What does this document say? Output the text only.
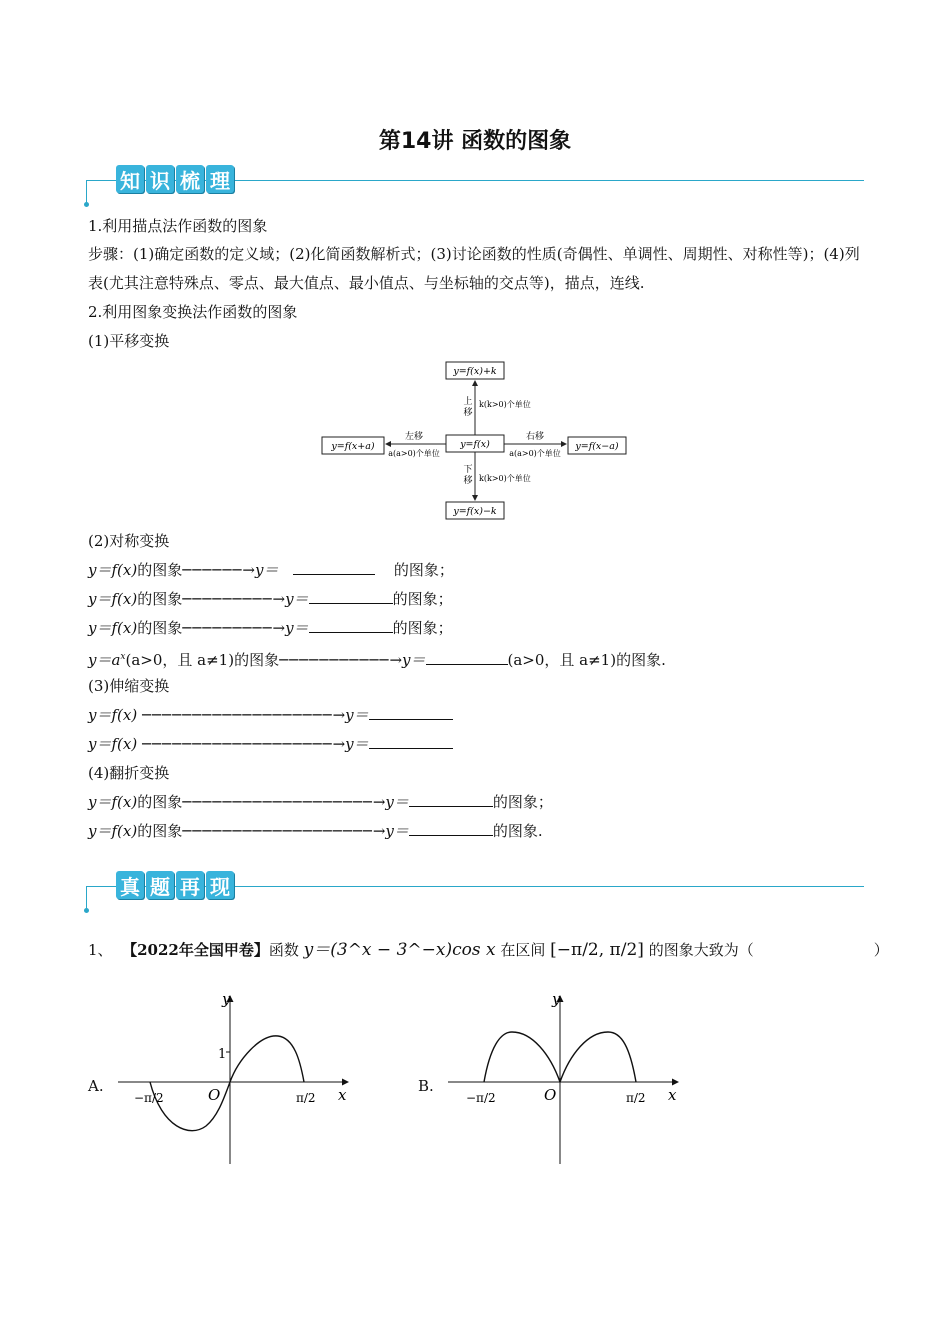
第14讲 函数的图象
知 识 梳 理
1.利用描点法作函数的图象
步骤：(1)确定函数的定义域；(2)化简函数解析式；(3)讨论函数的性质(奇偶性、单调性、周期性、对称性等)；(4)列表(尤其注意特殊点、零点、最大值点、最小值点、与坐标轴的交点等)，描点，连线.
2.利用图象变换法作函数的图象
(1)平移变换
y=f(x)+k
y=f(x)
y=f(x)−k
y=f(x+a)	y=f(x−a)
上
移
k(k>0)个单位
下
移 k(k>0)个单位
左移
a(a>0)个单位
右移
a(a>0)个单位
(2)对称变换
y＝f(x)的图象──────→y＝	的图象；
y＝f(x)的图象─────────→y＝	的图象；
y＝f(x)的图象─────────→y＝	的图象；
$y=a^x(a>0$，且 a≠1)的图象───────────→y＝	(a>0，且 a≠1)的图象.
(3)伸缩变换
y＝f(x) ───────────────────→y＝
y＝f(x) ───────────────────→y＝
(4)翻折变换
y＝f(x)的图象───────────────────→y＝	的图象；
y＝f(x)的图象───────────────────→y＝	的图象.
真 题 再 现
1、 【2022年全国甲卷】函数 y＝(3^x − 3^−x)cos x 在区间 [−π/2, π/2] 的图象大致为（	）
A.
y
x
O
1
−π/2	π/2
B.
y
x
O
−π/2	π/2
